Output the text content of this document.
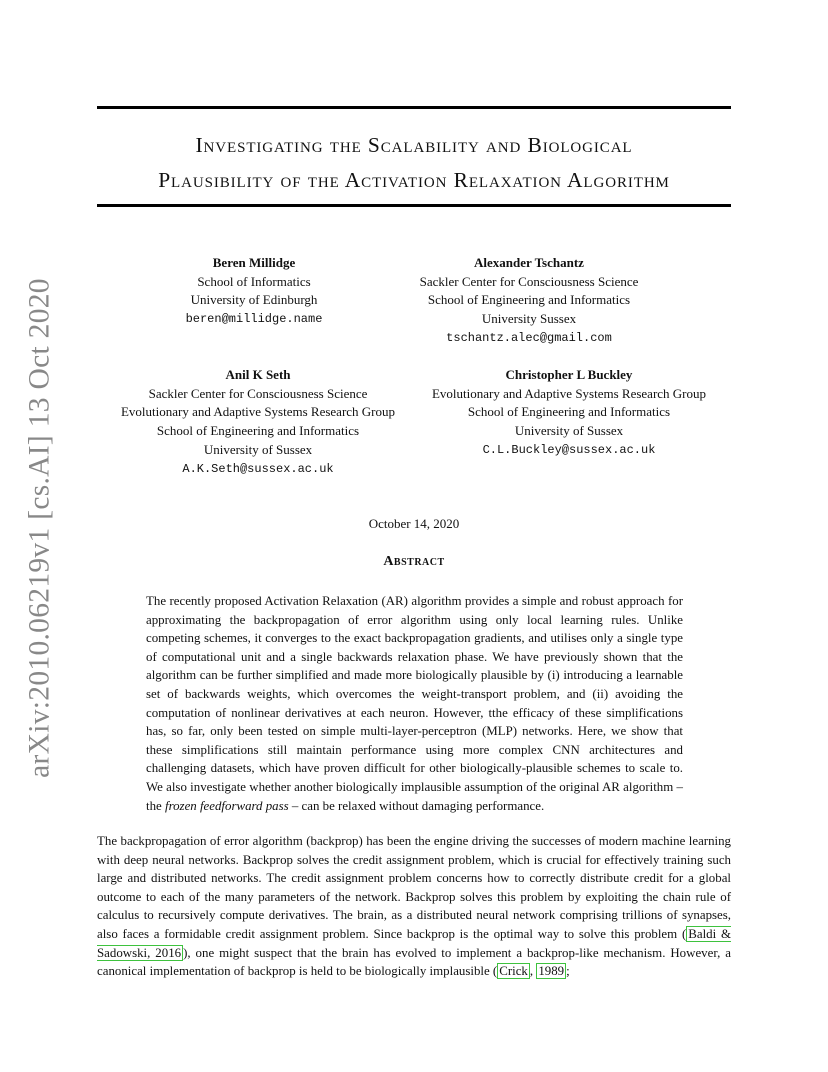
Investigating the Scalability and Biological
Plausibility of the Activation Relaxation Algorithm
arXiv:2010.06219v1 [cs.AI] 13 Oct 2020
Beren Millidge
School of Informatics
University of Edinburgh
beren@millidge.name
Alexander Tschantz
Sackler Center for Consciousness Science
School of Engineering and Informatics
University Sussex
tschantz.alec@gmail.com
Anil K Seth
Sackler Center for Consciousness Science
Evolutionary and Adaptive Systems Research Group
School of Engineering and Informatics
University of Sussex
A.K.Seth@sussex.ac.uk
Christopher L Buckley
Evolutionary and Adaptive Systems Research Group
School of Engineering and Informatics
University of Sussex
C.L.Buckley@sussex.ac.uk
October 14, 2020
Abstract

The recently proposed Activation Relaxation (AR) algorithm provides a simple and robust approach for approximating the backpropagation of error algorithm using only local learning rules. Unlike competing schemes, it converges to the exact backpropagation gradients, and utilises only a single type of computational unit and a single backwards relaxation phase. We have previously shown that the algorithm can be further simplified and made more biologically plausible by (i) introducing a learnable set of backwards weights, which overcomes the weight-transport problem, and (ii) avoiding the computation of nonlinear derivatives at each neuron. However, tthe efficacy of these simplifications has, so far, only been tested on simple multi-layer-perceptron (MLP) networks. Here, we show that these simplifications still maintain performance using more complex CNN architectures and challenging datasets, which have proven difficult for other biologically-plausible schemes to scale to. We also investigate whether another biologically implausible assumption of the original AR algorithm – the frozen feedforward pass – can be relaxed without damaging performance.

The backpropagation of error algorithm (backprop) has been the engine driving the successes of modern machine learning with deep neural networks. Backprop solves the credit assignment problem, which is crucial for effectively training such large and distributed networks. The credit assignment problem concerns how to correctly distribute credit for a global outcome to each of the many parameters of the network. Backprop solves this problem by exploiting the chain rule of calculus to recursively compute derivatives. The brain, as a distributed neural network comprising trillions of synapses, also faces a formidable credit assignment problem. Since backprop is the optimal way to solve this problem ( Baldi & Sadowski, 2016 ), one might suspect that the brain has evolved to implement a backprop-like mechanism. However, a canonical implementation of backprop is held to be biologically implausible ( Crick , 1989 ;
